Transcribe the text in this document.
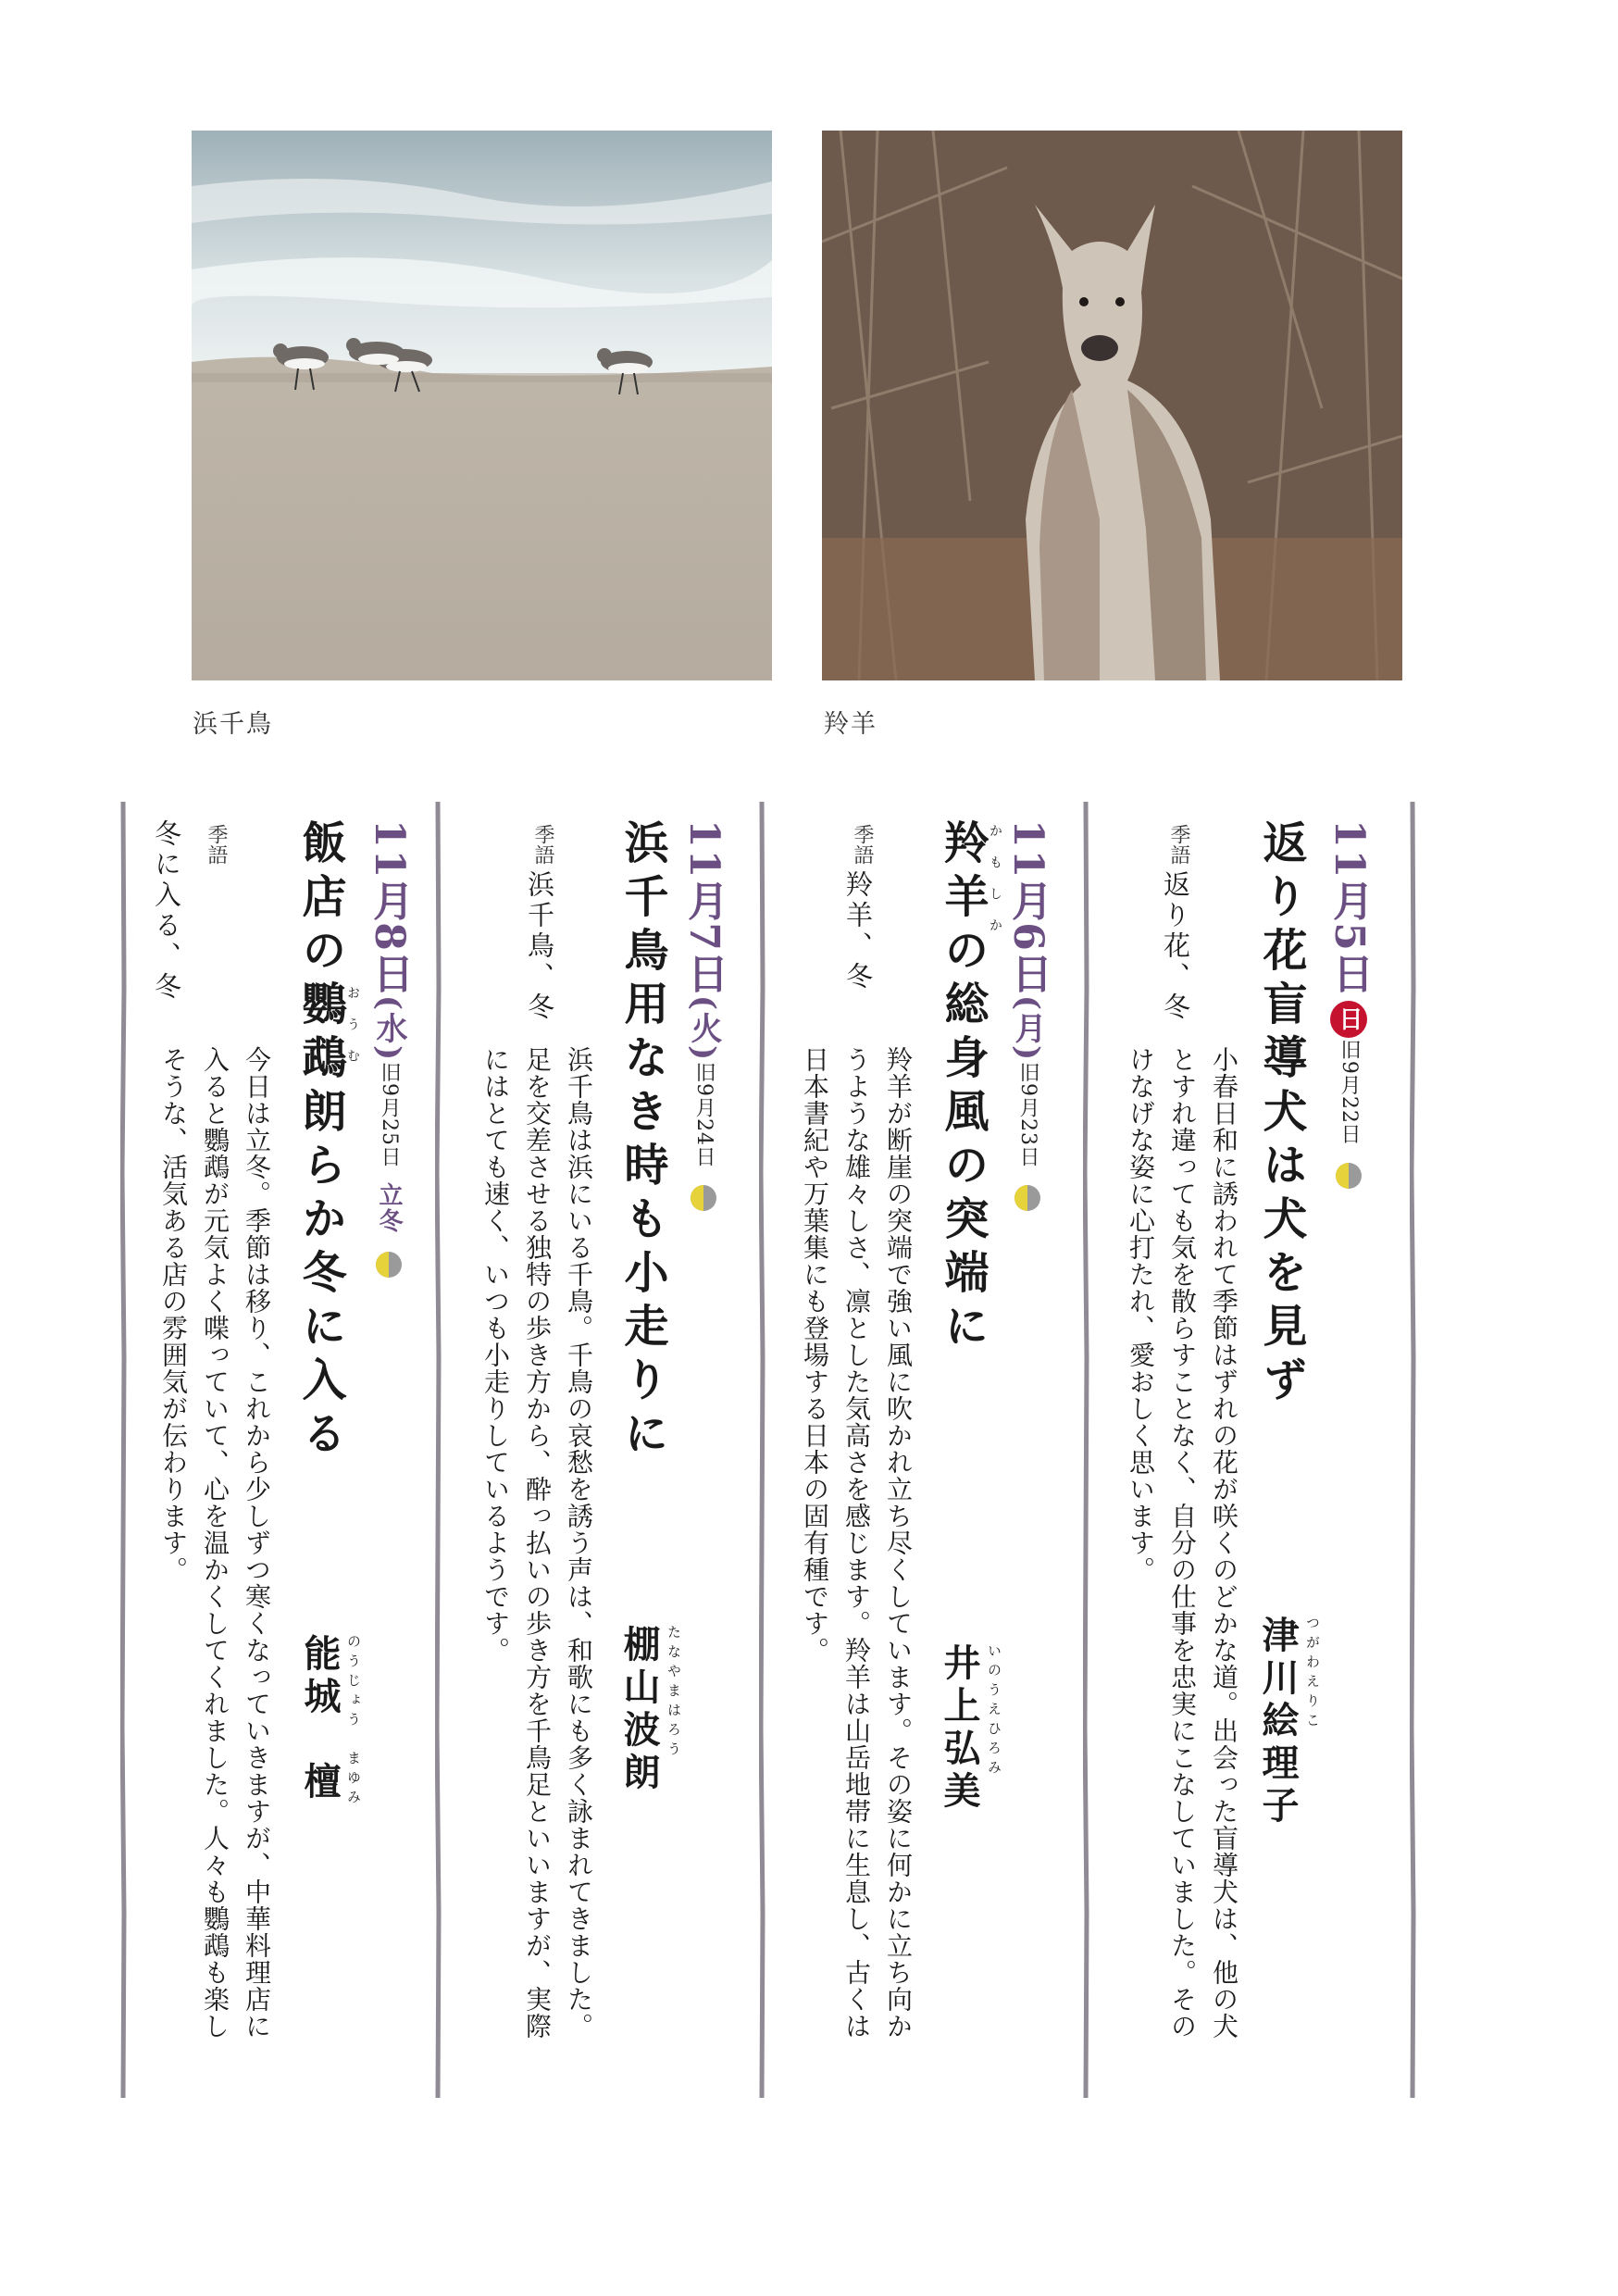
浜千鳥	羚羊
11月5日日旧9月22日
返り花盲導犬は犬を見ず
季語
返り花、冬
小春日和に誘われて季節はずれの花が咲くのどかな道。出会った盲導犬は、他の犬とすれ違っても気を散らすことなく、自分の仕事を忠実にこなしていました。そのけなげな姿に心打たれ、愛おしく思います。
津川絵理子 つがわえりこ
11月6日(月)旧9月23日
かもしか
羚羊の総身風の突端に
季語
羚羊、冬
羚羊が断崖の突端で強い風に吹かれ立ち尽くしています。その姿に何かに立ち向かうような雄々しさ、凛とした気高さを感じます。羚羊は山岳地帯に生息し、古くは日本書紀や万葉集にも登場する日本の固有種です。
井上弘美 いのうえひろみ
11月7日(火)旧9月24日
浜千鳥用なき時も小走りに
季語
浜千鳥、冬
浜千鳥は浜にいる千鳥。千鳥の哀愁を誘う声は、和歌にも多く詠まれてきました。足を交差させる独特の歩き方から、酔っ払いの歩き方を千鳥足といいますが、実際にはとても速く、いつも小走りしているようです。
棚山波朗 たなやまはろう
11月8日(水)旧9月25日立冬
おうむ
飯店の鸚鵡朗らか冬に入る
季語
冬に入る、冬
今日は立冬。季節は移り、これから少しずつ寒くなっていきますが、中華料理店に入ると鸚鵡が元気よく喋っていて、心を温かくしてくれました。人々も鸚鵡も楽しそうな、活気ある店の雰囲気が伝わります。
能城　檀 のうじょう　まゆみ
